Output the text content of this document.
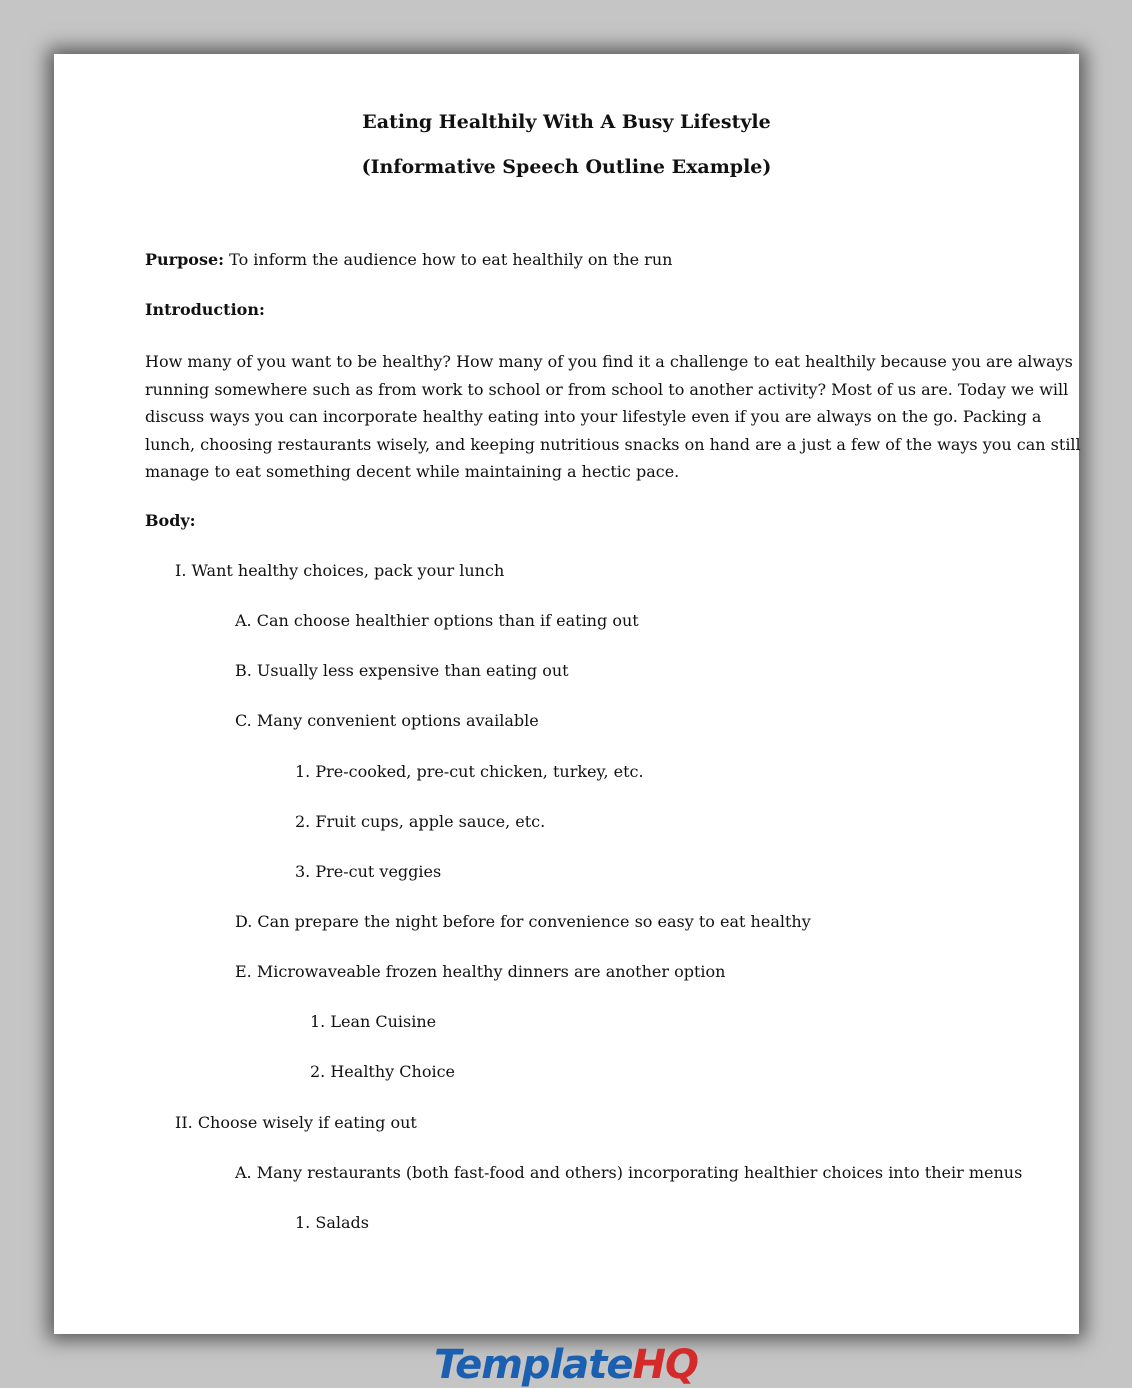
Eating Healthily With A Busy Lifestyle
(Informative Speech Outline Example)
Purpose: To inform the audience how to eat healthily on the run
Introduction:

How many of you want to be healthy? How many of you find it a challenge to eat healthily because you are always

running somewhere such as from work to school or from school to another activity? Most of us are. Today we will

discuss ways you can incorporate healthy eating into your lifestyle even if you are always on the go. Packing a

lunch, choosing restaurants wisely, and keeping nutritious snacks on hand are a just a few of the ways you can still

manage to eat something decent while maintaining a hectic pace.

Body:
I. Want healthy choices, pack your lunch
A. Can choose healthier options than if eating out
B. Usually less expensive than eating out
C. Many convenient options available
1. Pre-cooked, pre-cut chicken, turkey, etc.
2. Fruit cups, apple sauce, etc.
3. Pre-cut veggies
D. Can prepare the night before for convenience so easy to eat healthy
E. Microwaveable frozen healthy dinners are another option
1. Lean Cuisine
2. Healthy Choice
II. Choose wisely if eating out
A. Many restaurants (both fast-food and others) incorporating healthier choices into their menus
1. Salads
TemplateHQ
